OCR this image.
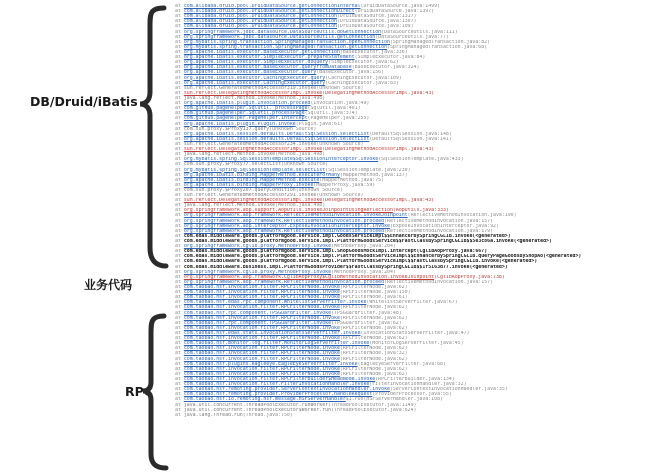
DB/Druid/iBatis
业务代码
RPC
at com.alibaba.druid.pool.DruidDataSource.getConnectionInternal(DruidDataSource.java:1499)
at com.alibaba.druid.pool.DruidDataSource.getConnectionDirect(DruidDataSource.java:1397)
at com.alibaba.druid.pool.DruidDataSource.getConnection(DruidDataSource.java:1317)
at com.alibaba.druid.pool.DruidDataSource.getConnection(DruidDataSource.java:1307)
at com.alibaba.druid.pool.DruidDataSource.getConnection(DruidDataSource.java:109)
at org.springframework.jdbc.datasource.DataSourceUtils.doGetConnection(DataSourceUtils.java:111)
at org.springframework.jdbc.datasource.DataSourceUtils.getConnection(DataSourceUtils.java:77)
at org.mybatis.spring.transaction.SpringManagedTransaction.openConnection(SpringManagedTransaction.java:82)
at org.mybatis.spring.transaction.SpringManagedTransaction.getConnection(SpringManagedTransaction.java:68)
at org.apache.ibatis.executor.BaseExecutor.getConnection(BaseExecutor.java:336)
at org.apache.ibatis.executor.SimpleExecutor.prepareStatement(SimpleExecutor.java:84)
at org.apache.ibatis.executor.SimpleExecutor.doQuery(SimpleExecutor.java:62)
at org.apache.ibatis.executor.BaseExecutor.queryFromDatabase(BaseExecutor.java:324)
at org.apache.ibatis.executor.BaseExecutor.query(BaseExecutor.java:156)
at org.apache.ibatis.executor.CachingExecutor.query(CachingExecutor.java:109)
at org.apache.ibatis.executor.CachingExecutor.query(CachingExecutor.java:83)
at sun.reflect.GeneratedMethodAccessor319.invoke(Unknown Source)
at sun.reflect.DelegatingMethodAccessorImpl.invoke(DelegatingMethodAccessorImpl.java:43)
at java.lang.reflect.Method.invoke(Method.java:498)
at org.apache.ibatis.plugin.Invocation.proceed(Invocation.java:49)
at com.github.pagehelper.SqlUtil._processPage(SqlUtil.java:401)
at com.github.pagehelper.SqlUtil.processPage(SqlUtil.java:374)
at com.github.pagehelper.PageHelper.intercept(PageHelper.java:255)
at org.apache.ibatis.plugin.Plugin.invoke(Plugin.java:61)
at com.sun.proxy.$Proxy137.query(Unknown Source)
at org.apache.ibatis.session.defaults.DefaultSqlSession.selectList(DefaultSqlSession.java:148)
at org.apache.ibatis.session.defaults.DefaultSqlSession.selectList(DefaultSqlSession.java:141)
at sun.reflect.GeneratedMethodAccessor234.invoke(Unknown Source)
at sun.reflect.DelegatingMethodAccessorImpl.invoke(DelegatingMethodAccessorImpl.java:43)
at java.lang.reflect.Method.invoke(Method.java:498)
at org.mybatis.spring.SqlSessionTemplate$SqlSessionInterceptor.invoke(SqlSessionTemplate.java:433)
at com.sun.proxy.$Proxy77.selectList(Unknown Source)
at org.mybatis.spring.SqlSessionTemplate.selectList(SqlSessionTemplate.java:230)
at org.apache.ibatis.binding.MapperMethod.executeForMany(MapperMethod.java:137)
at org.apache.ibatis.binding.MapperMethod.execute(MapperMethod.java:75)
at org.apache.ibatis.binding.MapperProxy.invoke(MapperProxy.java:59)
at com.sun.proxy.$Proxy207.queryCondition(Unknown Source)
at sun.reflect.GeneratedMethodAccessor291.invoke(Unknown Source)
at sun.reflect.DelegatingMethodAccessorImpl.invoke(DelegatingMethodAccessorImpl.java:43)
at java.lang.reflect.Method.invoke(Method.java:498)
at org.springframework.aop.support.AopUtils.invokeJoinpointUsingReflection(AopUtils.java:333)
at org.springframework.aop.framework.ReflectiveMethodInvocation.invokeJoinpoint(ReflectiveMethodInvocation.java:190)
at org.springframework.aop.framework.ReflectiveMethodInvocation.proceed(ReflectiveMethodInvocation.java:157)
at org.springframework.aop.interceptor.ExposeInvocationInterceptor.invoke(ExposeInvocationInterceptor.java:92)
at org.springframework.aop.framework.ReflectiveMethodInvocation.proceed(ReflectiveMethodInvocation.java:179)
at com.edas.middleware.goods.platformgood.service.impl.GoodsServiceImpl$$EnhancerBySpringCGLIB.invoke(<generated>)
at com.edas.middleware.goods.platformgood.service.impl.PlatformGoodsService$$FastClassBySpringCGLIB$$5e3c86a.invoke(<generated>)
at org.springframework.cglib.proxy.MethodProxy.invoke(MethodProxy.java:204)
at com.edas.middleware.goods.platformgood.service.impl.ShopGoodsMockImpl.intercept(CglibAopProxy.java:667)
at com.edas.middleware.goods.platformgood.service.impl.PlatformGoodsServiceImpl$$EnhancerBySpringCGLIB.queryPageGoodsByShopAo(<generated>)
at com.edas.middleware.goods.platformgood.service.impl.PlatformGoodsServiceImpl$$FastClassBySpringCGLIB.invoke(<generated>)
at com.edas.middleware.business.impl.PlatformGoodsProvider$$FastClassBySpringCGLIB$$1f5163d77.invoke(<generated>)
at org.springframework.cglib.proxy.MethodProxy.invoke(MethodProxy.java:204)
at org.springframework.aop.framework.CglibAopProxy$CglibMethodInvocation.invokeJoinpoint(CglibAopProxy.java:738)
at org.springframework.aop.framework.ReflectiveMethodInvocation.proceed(ReflectiveMethodInvocation.java:157)
at com.taobao.hsf.invocation.filter.RPCFilterNode.invoke(RPCFilterNode.java:62)
at com.taobao.hsf.invocation.filter.RPCFilterNode.invoke(RPCFilterNode.java:150)
at com.taobao.hsf.invocation.filter.RPCFilterNode.invoke(RPCFilterNode.java:61)
at com.taobao.hsf.edas.rpc.component.WhitelistServerFilter.invoke(WhitelistServerFilter.java:67)
at com.taobao.hsf.invocation.filter.RPCFilterNode.invoke(RPCFilterNode.java:62)
at com.taobao.hsf.rpc.component.TPSGuardFilter.invoke(TPSGuardFilter.java:48)
at com.taobao.hsf.invocation.filter.RPCFilterNode.invoke(RPCFilterNode.java:62)
at com.taobao.hsf.rpc.component.TPSGuardFilter.invoke(TPSGuardFilter.java:62)
at com.taobao.hsf.invocation.filter.RPCFilterNode.invoke(RPCFilterNode.java:62)
at com.taobao.hsf.edas.stats.InvocationStatsServerFilter.invoke(InvocationStatsServerFilter.java:47)
at com.taobao.hsf.invocation.filter.RPCFilterNode.invoke(RPCFilterNode.java:62)
at com.taobao.hsf.monitor.log.filter.MonitorLogServerFilter.invoke(MonitorLogServerFilter.java:45)
at com.taobao.hsf.invocation.filter.RPCFilterNode.invoke(RPCFilterNode.java:62)
at com.taobao.hsf.invocation.filter.RPCFilterNode.invoke(RPCFilterNode.java:32)
at com.taobao.hsf.invocation.filter.RPCFilterNode.invoke(RPCFilterNode.java:62)
at com.taobao.hsf.plugins.eagleeye.EagleEyeServerFilter.invoke(EagleEyeServerFilter.java:68)
at com.taobao.hsf.invocation.filter.RPCFilterNode.invoke(RPCFilterNode.java:62)
at com.taobao.hsf.invocation.filter.RPCFilterNode.invoke(RPCFilterNode.java:62)
at com.taobao.hsf.invocation.filter.RPCFilterBuilder$HeadNode.invoke(RPCFilterBuilder.java:134)
at com.taobao.hsf.invocation.filter.FilterInvocationHandler.invoke(FilterInvocationHandler.java:32)
at com.taobao.hsf.remoting.provider.ServerContextInvocationHandler.invoke(ServerContextInvocationHandler.java:35)
at com.taobao.hsf.remoting.provider.ProviderProcessor.handleRequest(ProviderProcessor.java:55)
at com.taobao.hsf.io.remoting.hsf.message.HSFServerHandler$1.run(HSFServerHandler.java:108)
at java.util.concurrent.ThreadPoolExecutor.runWorker(ThreadPoolExecutor.java:1149)
at java.util.concurrent.ThreadPoolExecutor$Worker.run(ThreadPoolExecutor.java:624)
at java.lang.Thread.run(Thread.java:750)
